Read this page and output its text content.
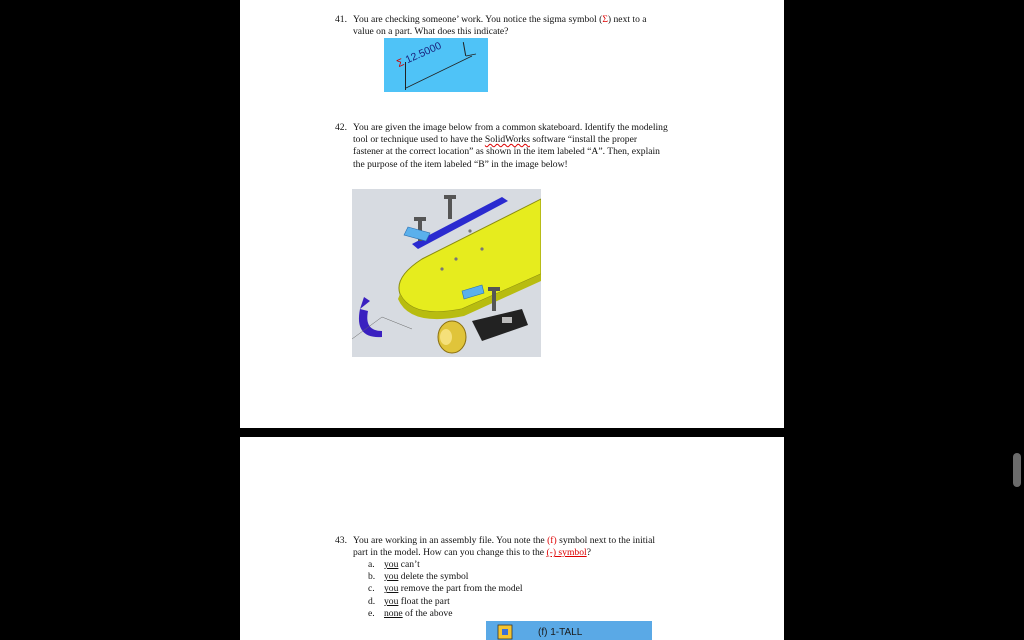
41. You are checking someone’ work. You notice the sigma symbol (Σ) next to a
value on a part. What does this indicate?
Σ 12.5000
42. You are given the image below from a common skateboard. Identify the modeling
tool or technique used to have the SolidWorks software “install the proper
fastener at the correct location” as shown in the item labeled “A”. Then, explain
the purpose of the item labeled “B” in the image below!
43. You are working in an assembly file. You note the (f) symbol next to the initial
part in the model. How can you change this to the (-) symbol?
a. you can’t
b. you delete the symbol
c. you remove the part from the model
d. you float the part
e. none of the above
(f) 1-TALL
